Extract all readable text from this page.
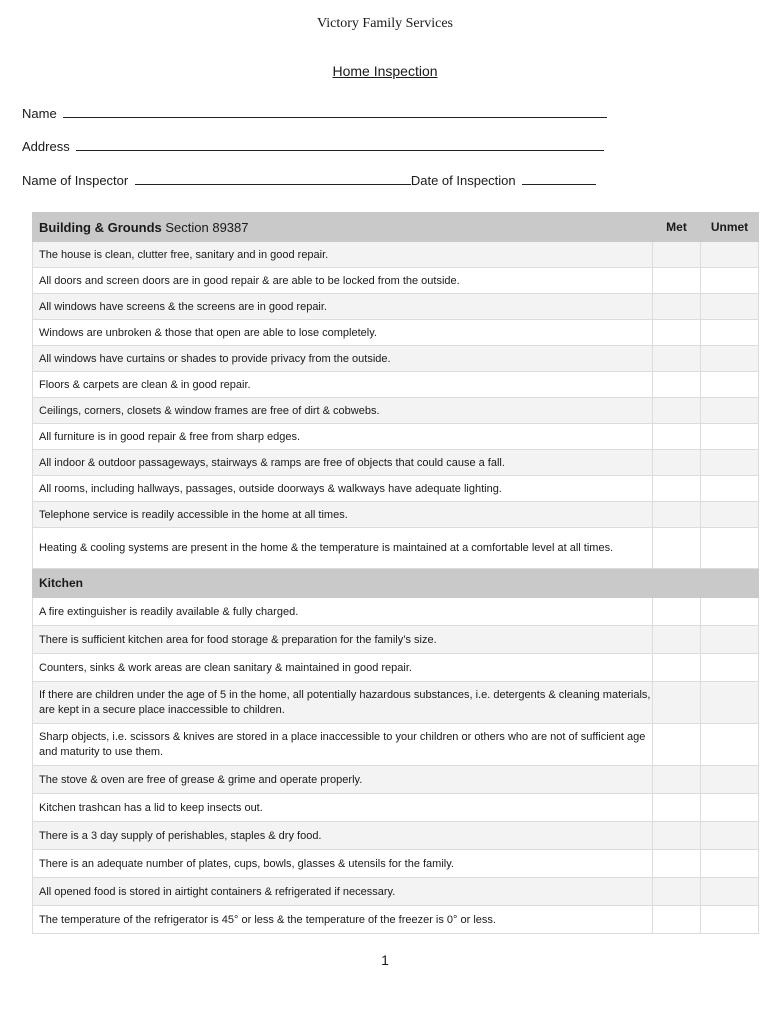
Victory Family Services
Home Inspection
Name
Address
Name of Inspector	Date of Inspection
Building & Grounds Section 89387	Met	Unmet
The house is clean, clutter free, sanitary and in good repair.		
All doors and screen doors are in good repair & are able to be locked from the outside.		
All windows have screens & the screens are in good repair.		
Windows are unbroken & those that open are able to lose completely.		
All windows have curtains or shades to provide privacy from the outside.		
Floors & carpets are clean & in good repair.		
Ceilings, corners, closets & window frames are free of dirt & cobwebs.		
All furniture is in good repair & free from sharp edges.		
All indoor & outdoor passageways, stairways & ramps are free of objects that could cause a fall.		
All rooms, including hallways, passages, outside doorways & walkways have adequate lighting.		
Telephone service is readily accessible in the home at all times.		
Heating & cooling systems are present in the home & the temperature is maintained at a comfortable level at all times.		
Kitchen		
A fire extinguisher is readily available & fully charged.		
There is sufficient kitchen area for food storage & preparation for the family’s size.		
Counters, sinks & work areas are clean sanitary & maintained in good repair.		
If there are children under the age of 5 in the home, all potentially hazardous substances, i.e. detergents & cleaning materials, are kept in a secure place inaccessible to children.		
Sharp objects, i.e. scissors & knives are stored in a place inaccessible to your children or others who are not of sufficient age and maturity to use them.		
The stove & oven are free of grease & grime and operate properly.		
Kitchen trashcan has a lid to keep insects out.		
There is a 3 day supply of perishables, staples & dry food.		
There is an adequate number of plates, cups, bowls, glasses & utensils for the family.		
All opened food is stored in airtight containers & refrigerated if necessary.		
The temperature of the refrigerator is 45° or less & the temperature of the freezer is 0° or less.		
1
